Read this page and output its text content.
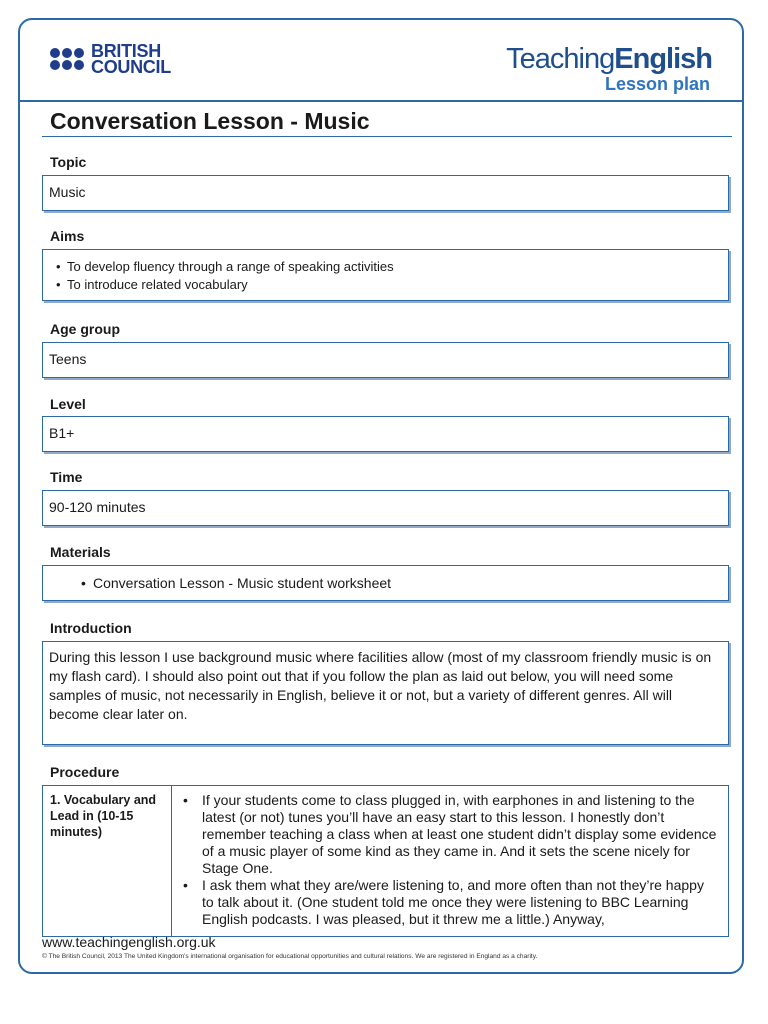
BRITISH
COUNCIL	TeachingEnglish
Lesson plan
Conversation Lesson - Music
Topic
Music
Aims
• To develop fluency through a range of speaking activities
• To introduce related vocabulary
Age group
Teens
Level
B1+
Time
90-120 minutes
Materials
• Conversation Lesson - Music student worksheet
Introduction
During this lesson I use background music where facilities allow (most of my classroom friendly music is on my flash card). I should also point out that if you follow the plan as laid out below, you will need some samples of music, not necessarily in English, believe it or not, but a variety of different genres. All will become clear later on.
Procedure
1. Vocabulary and Lead in (10-15 minutes)
• If your students come to class plugged in, with earphones in and listening to the latest (or not) tunes you’ll have an easy start to this lesson. I honestly don’t remember teaching a class when at least one student didn’t display some evidence of a music player of some kind as they came in. And it sets the scene nicely for Stage One.
• I ask them what they are/were listening to, and more often than not they’re happy to talk about it. (One student told me once they were listening to BBC Learning English podcasts. I was pleased, but it threw me a little.) Anyway,
www.teachingenglish.org.uk
© The British Council, 2013 The United Kingdom’s international organisation for educational opportunities and cultural relations. We are registered in England as a charity.
